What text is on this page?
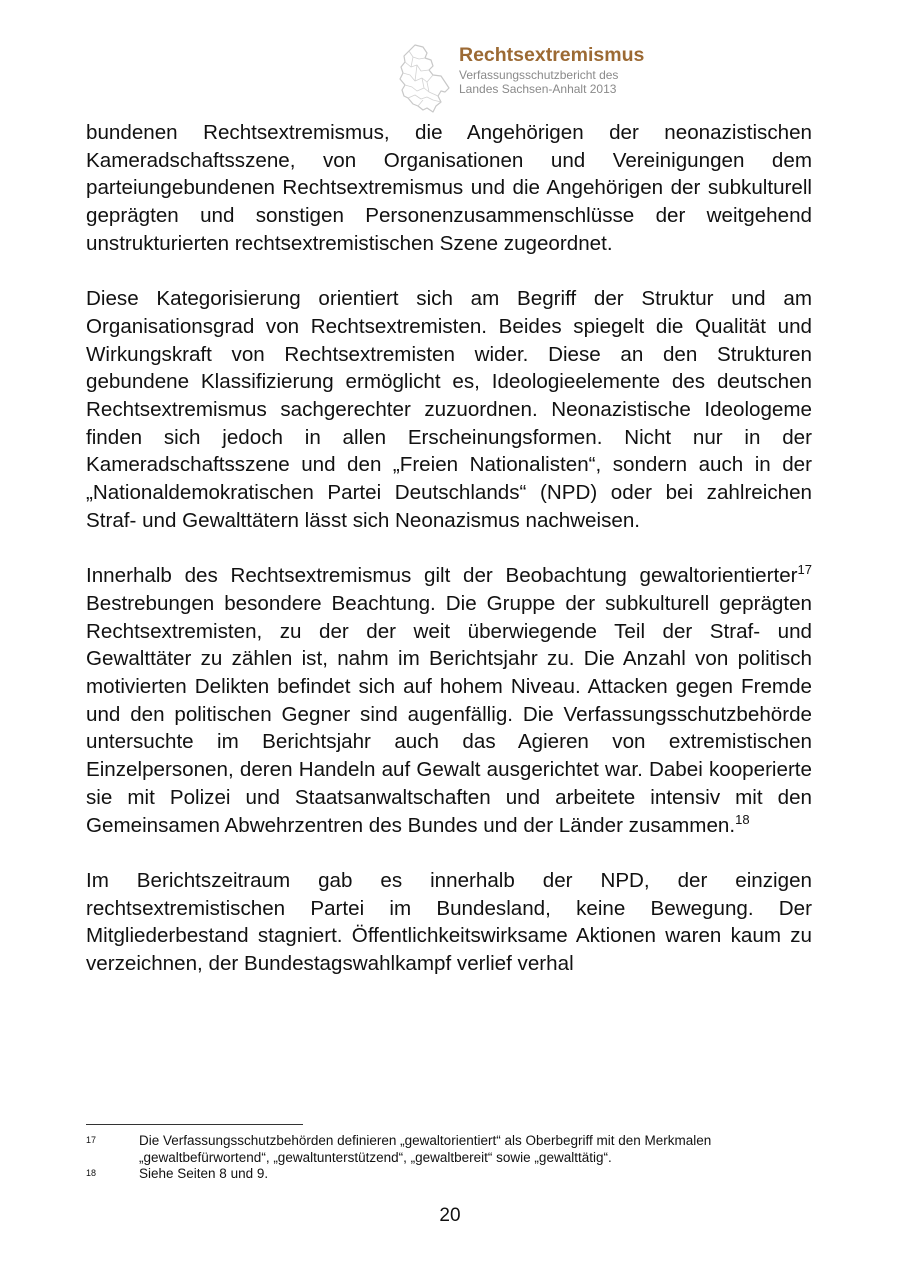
Rechtsextremismus
Verfassungsschutzbericht des
Landes Sachsen-Anhalt 2013

bundenen Rechtsextremismus, die Angehörigen der neonazistischen Kameradschaftsszene, von Organisationen und Vereinigungen dem parteiungebundenen Rechtsextremismus und die Angehörigen der subkulturell geprägten und sonstigen Personenzusammenschlüsse der weitgehend unstrukturierten rechtsextremistischen Szene zugeordnet.

Diese Kategorisierung orientiert sich am Begriff der Struktur und am Organisationsgrad von Rechtsextremisten. Beides spiegelt die Qualität und Wirkungskraft von Rechtsextremisten wider. Diese an den Strukturen gebundene Klassifizierung ermöglicht es, Ideologieelemente des deutschen Rechtsextremismus sachgerechter zuzuordnen. Neonazistische Ideologeme finden sich jedoch in allen Erscheinungsformen. Nicht nur in der Kameradschaftsszene und den „Freien Nationalisten“, sondern auch in der „Nationaldemokratischen Partei Deutschlands“ (NPD) oder bei zahlreichen Straf- und Gewalttätern lässt sich Neonazismus nachweisen.

Innerhalb des Rechtsextremismus gilt der Beobachtung gewaltorientierter$^{17}$ Bestrebungen besondere Beachtung. Die Gruppe der subkulturell geprägten Rechtsextremisten, zu der der weit überwiegende Teil der Straf- und Gewalttäter zu zählen ist, nahm im Berichtsjahr zu. Die Anzahl von politisch motivierten Delikten befindet sich auf hohem Niveau. Attacken gegen Fremde und den politischen Gegner sind augenfällig. Die Verfassungsschutzbehörde untersuchte im Berichtsjahr auch das Agieren von extremistischen Einzelpersonen, deren Handeln auf Gewalt ausgerichtet war. Dabei kooperierte sie mit Polizei und Staatsanwaltschaften und arbeitete intensiv mit den Gemeinsamen Abwehrzentren des Bundes und der Länder zusammen.$^{18}$

Im Berichtszeitraum gab es innerhalb der NPD, der einzigen rechtsextremistischen Partei im Bundesland, keine Bewegung. Der Mitgliederbestand stagniert. Öffentlichkeitswirksame Aktionen waren kaum zu verzeichnen, der Bundestagswahlkampf verlief verhal

17	Die Verfassungsschutzbehörden definieren „gewaltorientiert“ als Oberbegriff mit den Merkmalen „gewaltbefürwortend“, „gewaltunterstützend“, „gewaltbereit“ sowie „gewalttätig“.
18	Siehe Seiten 8 und 9.
20
